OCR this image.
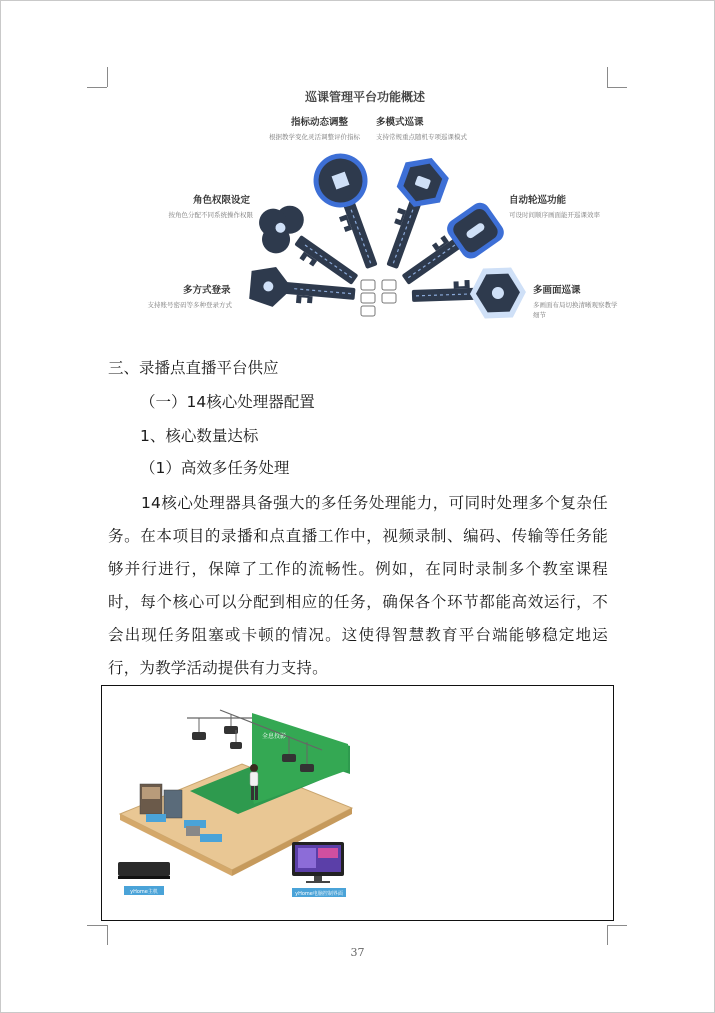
巡课管理平台功能概述
指标动态调整
根据教学变化灵活调整评价指标
多模式巡课
支持常规重点随机专项巡课模式
角色权限设定
按角色分配不同系统操作权限
自动轮巡功能
可设时间顺序画面能开巡课效率
多方式登录
支持账号密码等多种登录方式
多画面巡课
多画面布局切换清晰观察教学细节
三、录播点直播平台供应
（一）14核心处理器配置
1、核心数量达标
（1）高效多任务处理
14核心处理器具备强大的多任务处理能力，可同时处理多个复杂任务。在本项目的录播和点直播工作中，视频录制、编码、传输等任务能够并行进行，保障了工作的流畅性。例如，在同时录制多个教室课程时，每个核心可以分配到相应的任务，确保各个环节都能高效运行，不会出现任务阻塞或卡顿的情况。这使得智慧教育平台端能够稳定地运行，为教学活动提供有力支持。
全息投影
yHome主机	yHome电脑控制界面
37
